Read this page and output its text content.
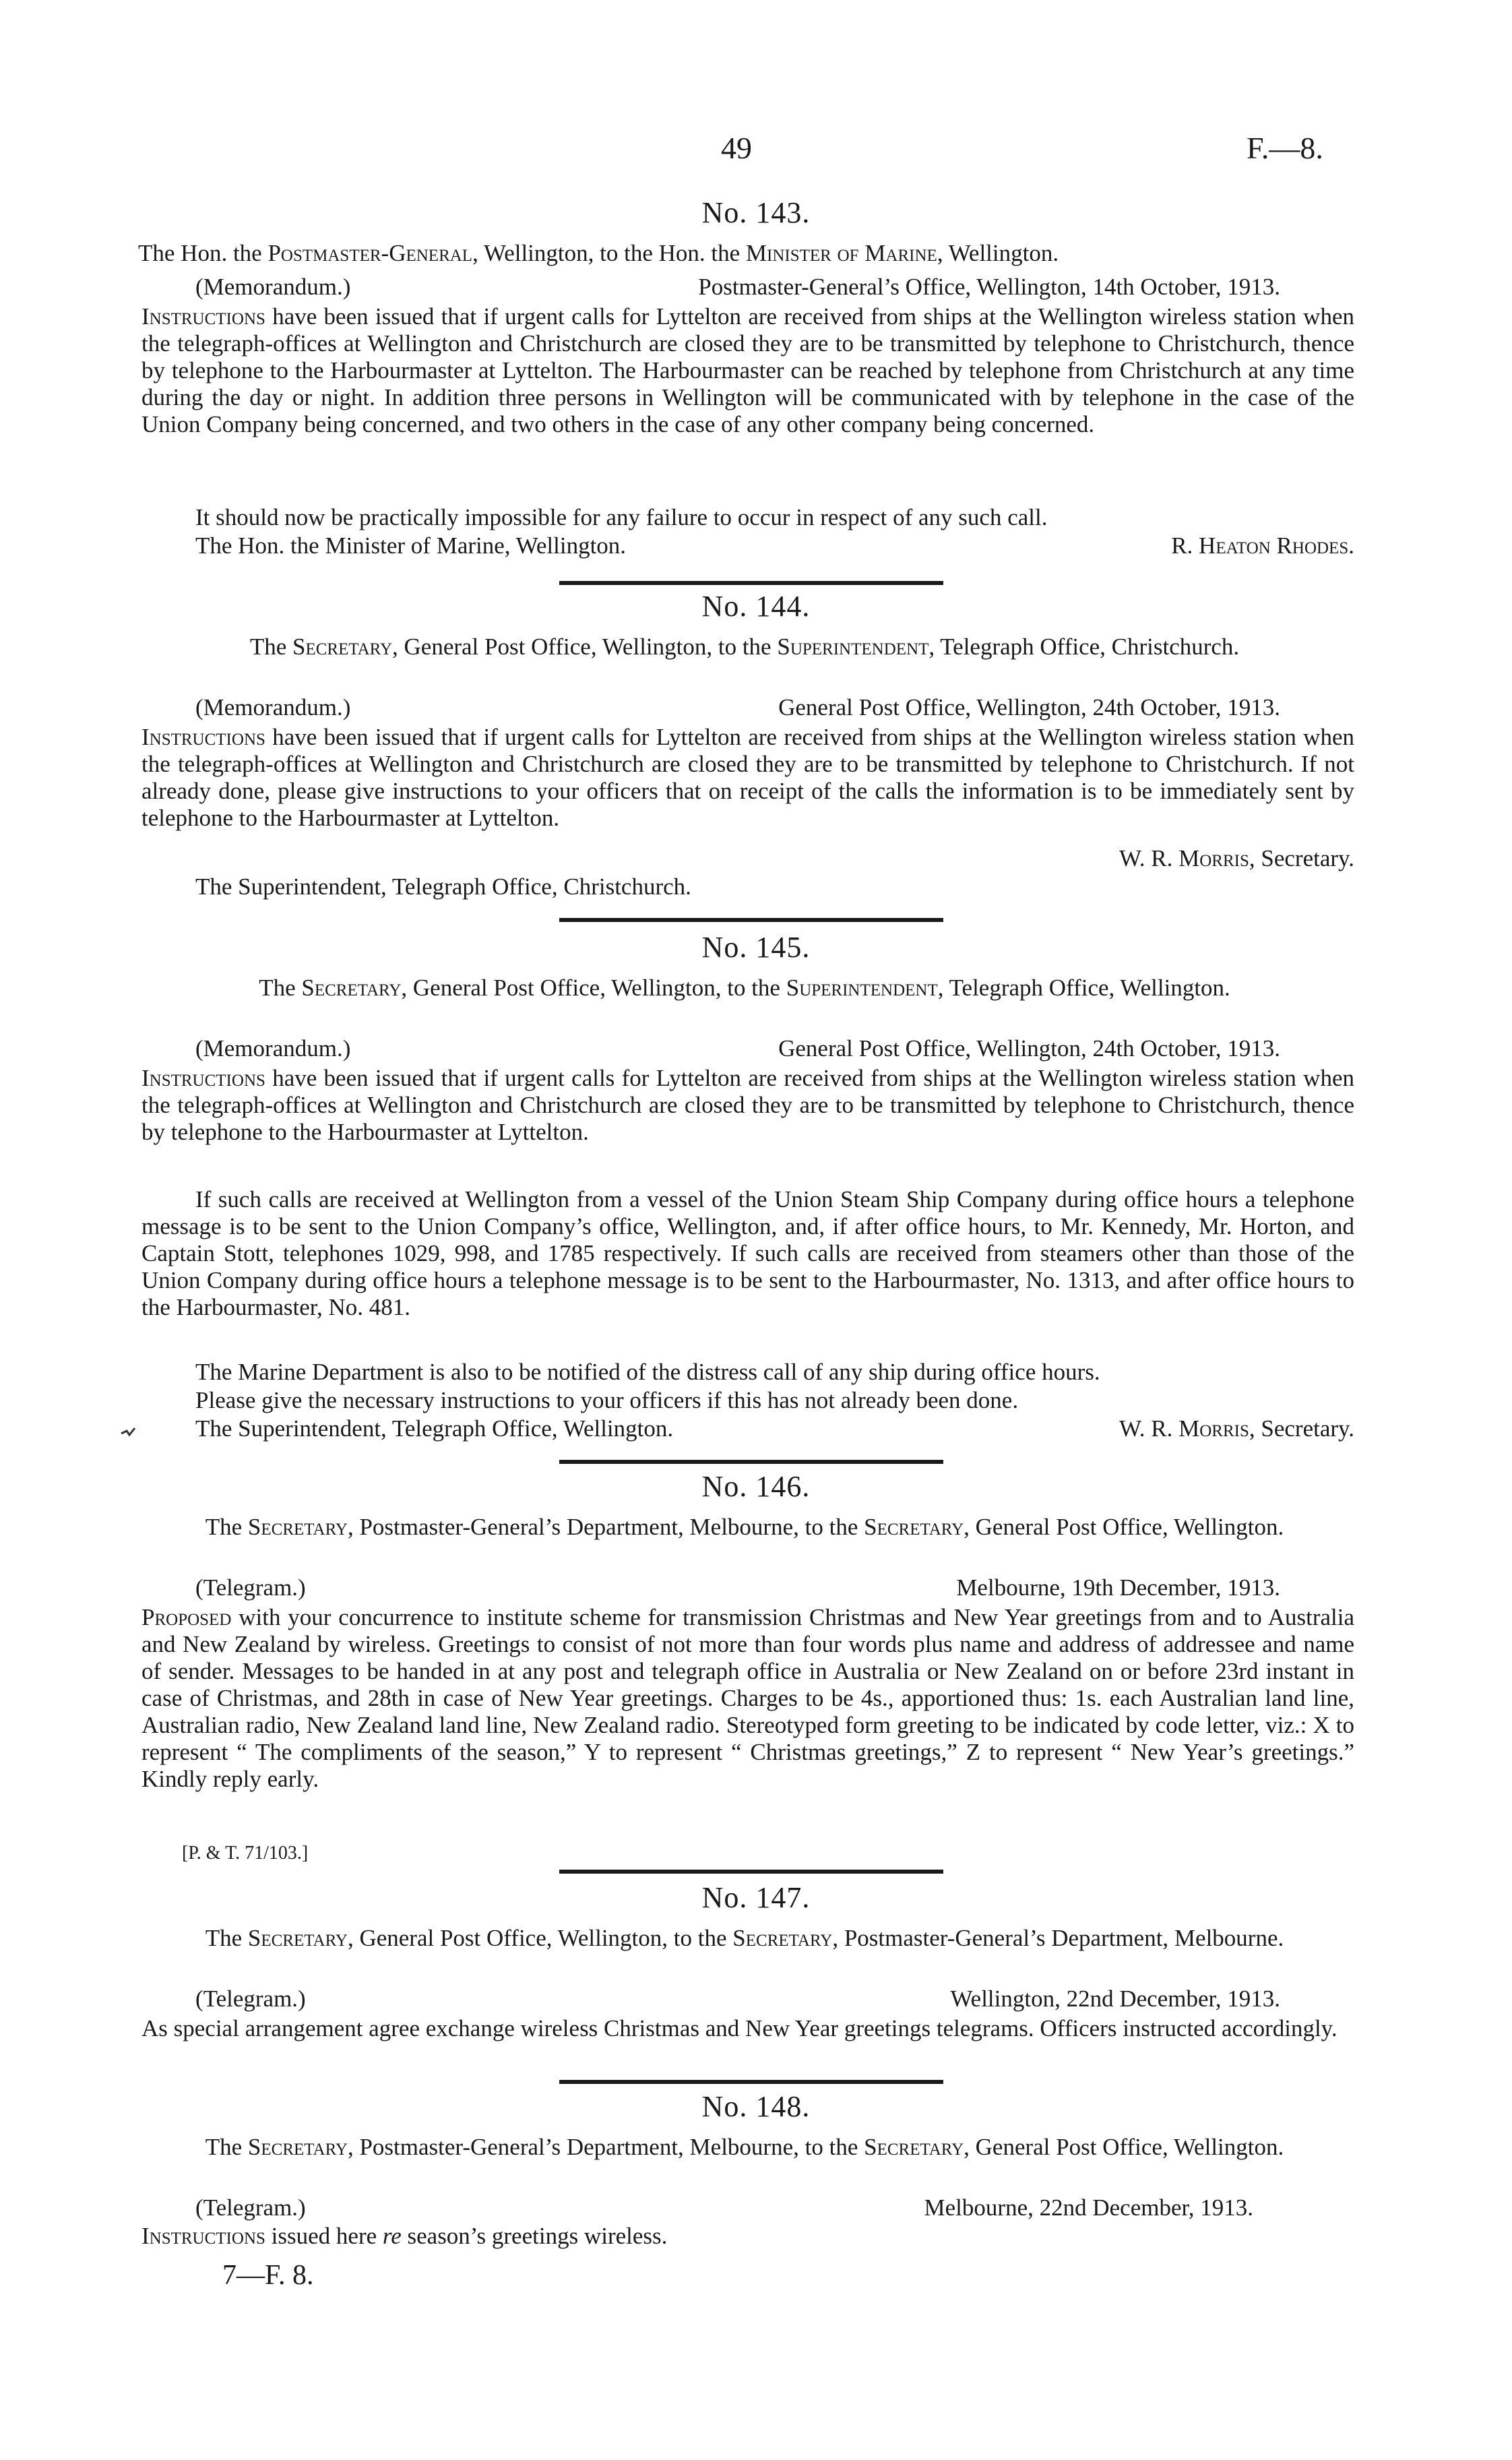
49	F.—8.
No. 143.
The Hon. the Postmaster-General, Wellington, to the Hon. the Minister of Marine, Wellington.
(Memorandum.)	Postmaster-General’s Office, Wellington, 14th October, 1913.
Instructions have been issued that if urgent calls for Lyttelton are received from ships at the Wellington wireless station when the telegraph-offices at Wellington and Christchurch are closed they are to be transmitted by telephone to Christchurch, thence by telephone to the Harbourmaster at Lyttelton. The Harbourmaster can be reached by telephone from Christchurch at any time during the day or night. In addition three persons in Wellington will be communicated with by telephone in the case of the Union Company being concerned, and two others in the case of any other company being concerned.
It should now be practically impossible for any failure to occur in respect of any such call.
The Hon. the Minister of Marine, Wellington.	R. Heaton Rhodes.
No. 144.
The Secretary, General Post Office, Wellington, to the Superintendent, Telegraph Office, Christchurch.
(Memorandum.)	General Post Office, Wellington, 24th October, 1913.
Instructions have been issued that if urgent calls for Lyttelton are received from ships at the Wellington wireless station when the telegraph-offices at Wellington and Christchurch are closed they are to be transmitted by telephone to Christchurch. If not already done, please give instructions to your officers that on receipt of the calls the information is to be immediately sent by telephone to the Harbourmaster at Lyttelton.
W. R. Morris, Secretary.
The Superintendent, Telegraph Office, Christchurch.
No. 145.
The Secretary, General Post Office, Wellington, to the Superintendent, Telegraph Office, Wellington.
(Memorandum.)	General Post Office, Wellington, 24th October, 1913.
Instructions have been issued that if urgent calls for Lyttelton are received from ships at the Wellington wireless station when the telegraph-offices at Wellington and Christchurch are closed they are to be transmitted by telephone to Christchurch, thence by telephone to the Harbourmaster at Lyttelton.
If such calls are received at Wellington from a vessel of the Union Steam Ship Company during office hours a telephone message is to be sent to the Union Company’s office, Wellington, and, if after office hours, to Mr. Kennedy, Mr. Horton, and Captain Stott, telephones 1029, 998, and 1785 respectively. If such calls are received from steamers other than those of the Union Company during office hours a telephone message is to be sent to the Harbourmaster, No. 1313, and after office hours to the Harbourmaster, No. 481.
The Marine Department is also to be notified of the distress call of any ship during office hours.
Please give the necessary instructions to your officers if this has not already been done.
The Superintendent, Telegraph Office, Wellington.	W. R. Morris, Secretary.
No. 146.
The Secretary, Postmaster-General’s Department, Melbourne, to the Secretary, General Post Office, Wellington.
(Telegram.)	Melbourne, 19th December, 1913.
Proposed with your concurrence to institute scheme for transmission Christmas and New Year greetings from and to Australia and New Zealand by wireless. Greetings to consist of not more than four words plus name and address of addressee and name of sender. Messages to be handed in at any post and telegraph office in Australia or New Zealand on or before 23rd instant in case of Christmas, and 28th in case of New Year greetings. Charges to be 4s., apportioned thus: 1s. each Australian land line, Australian radio, New Zealand land line, New Zealand radio. Stereotyped form greeting to be indicated by code letter, viz.: X to represent “ The compliments of the season,” Y to represent “ Christmas greetings,” Z to represent “ New Year’s greetings.” Kindly reply early.
[P. & T. 71/103.]
No. 147.
The Secretary, General Post Office, Wellington, to the Secretary, Postmaster-General’s Department, Melbourne.
(Telegram.)	Wellington, 22nd December, 1913.
As special arrangement agree exchange wireless Christmas and New Year greetings telegrams. Officers instructed accordingly.
No. 148.
The Secretary, Postmaster-General’s Department, Melbourne, to the Secretary, General Post Office, Wellington.
(Telegram.)	Melbourne, 22nd December, 1913.
Instructions issued here re season’s greetings wireless.
7—F. 8.
